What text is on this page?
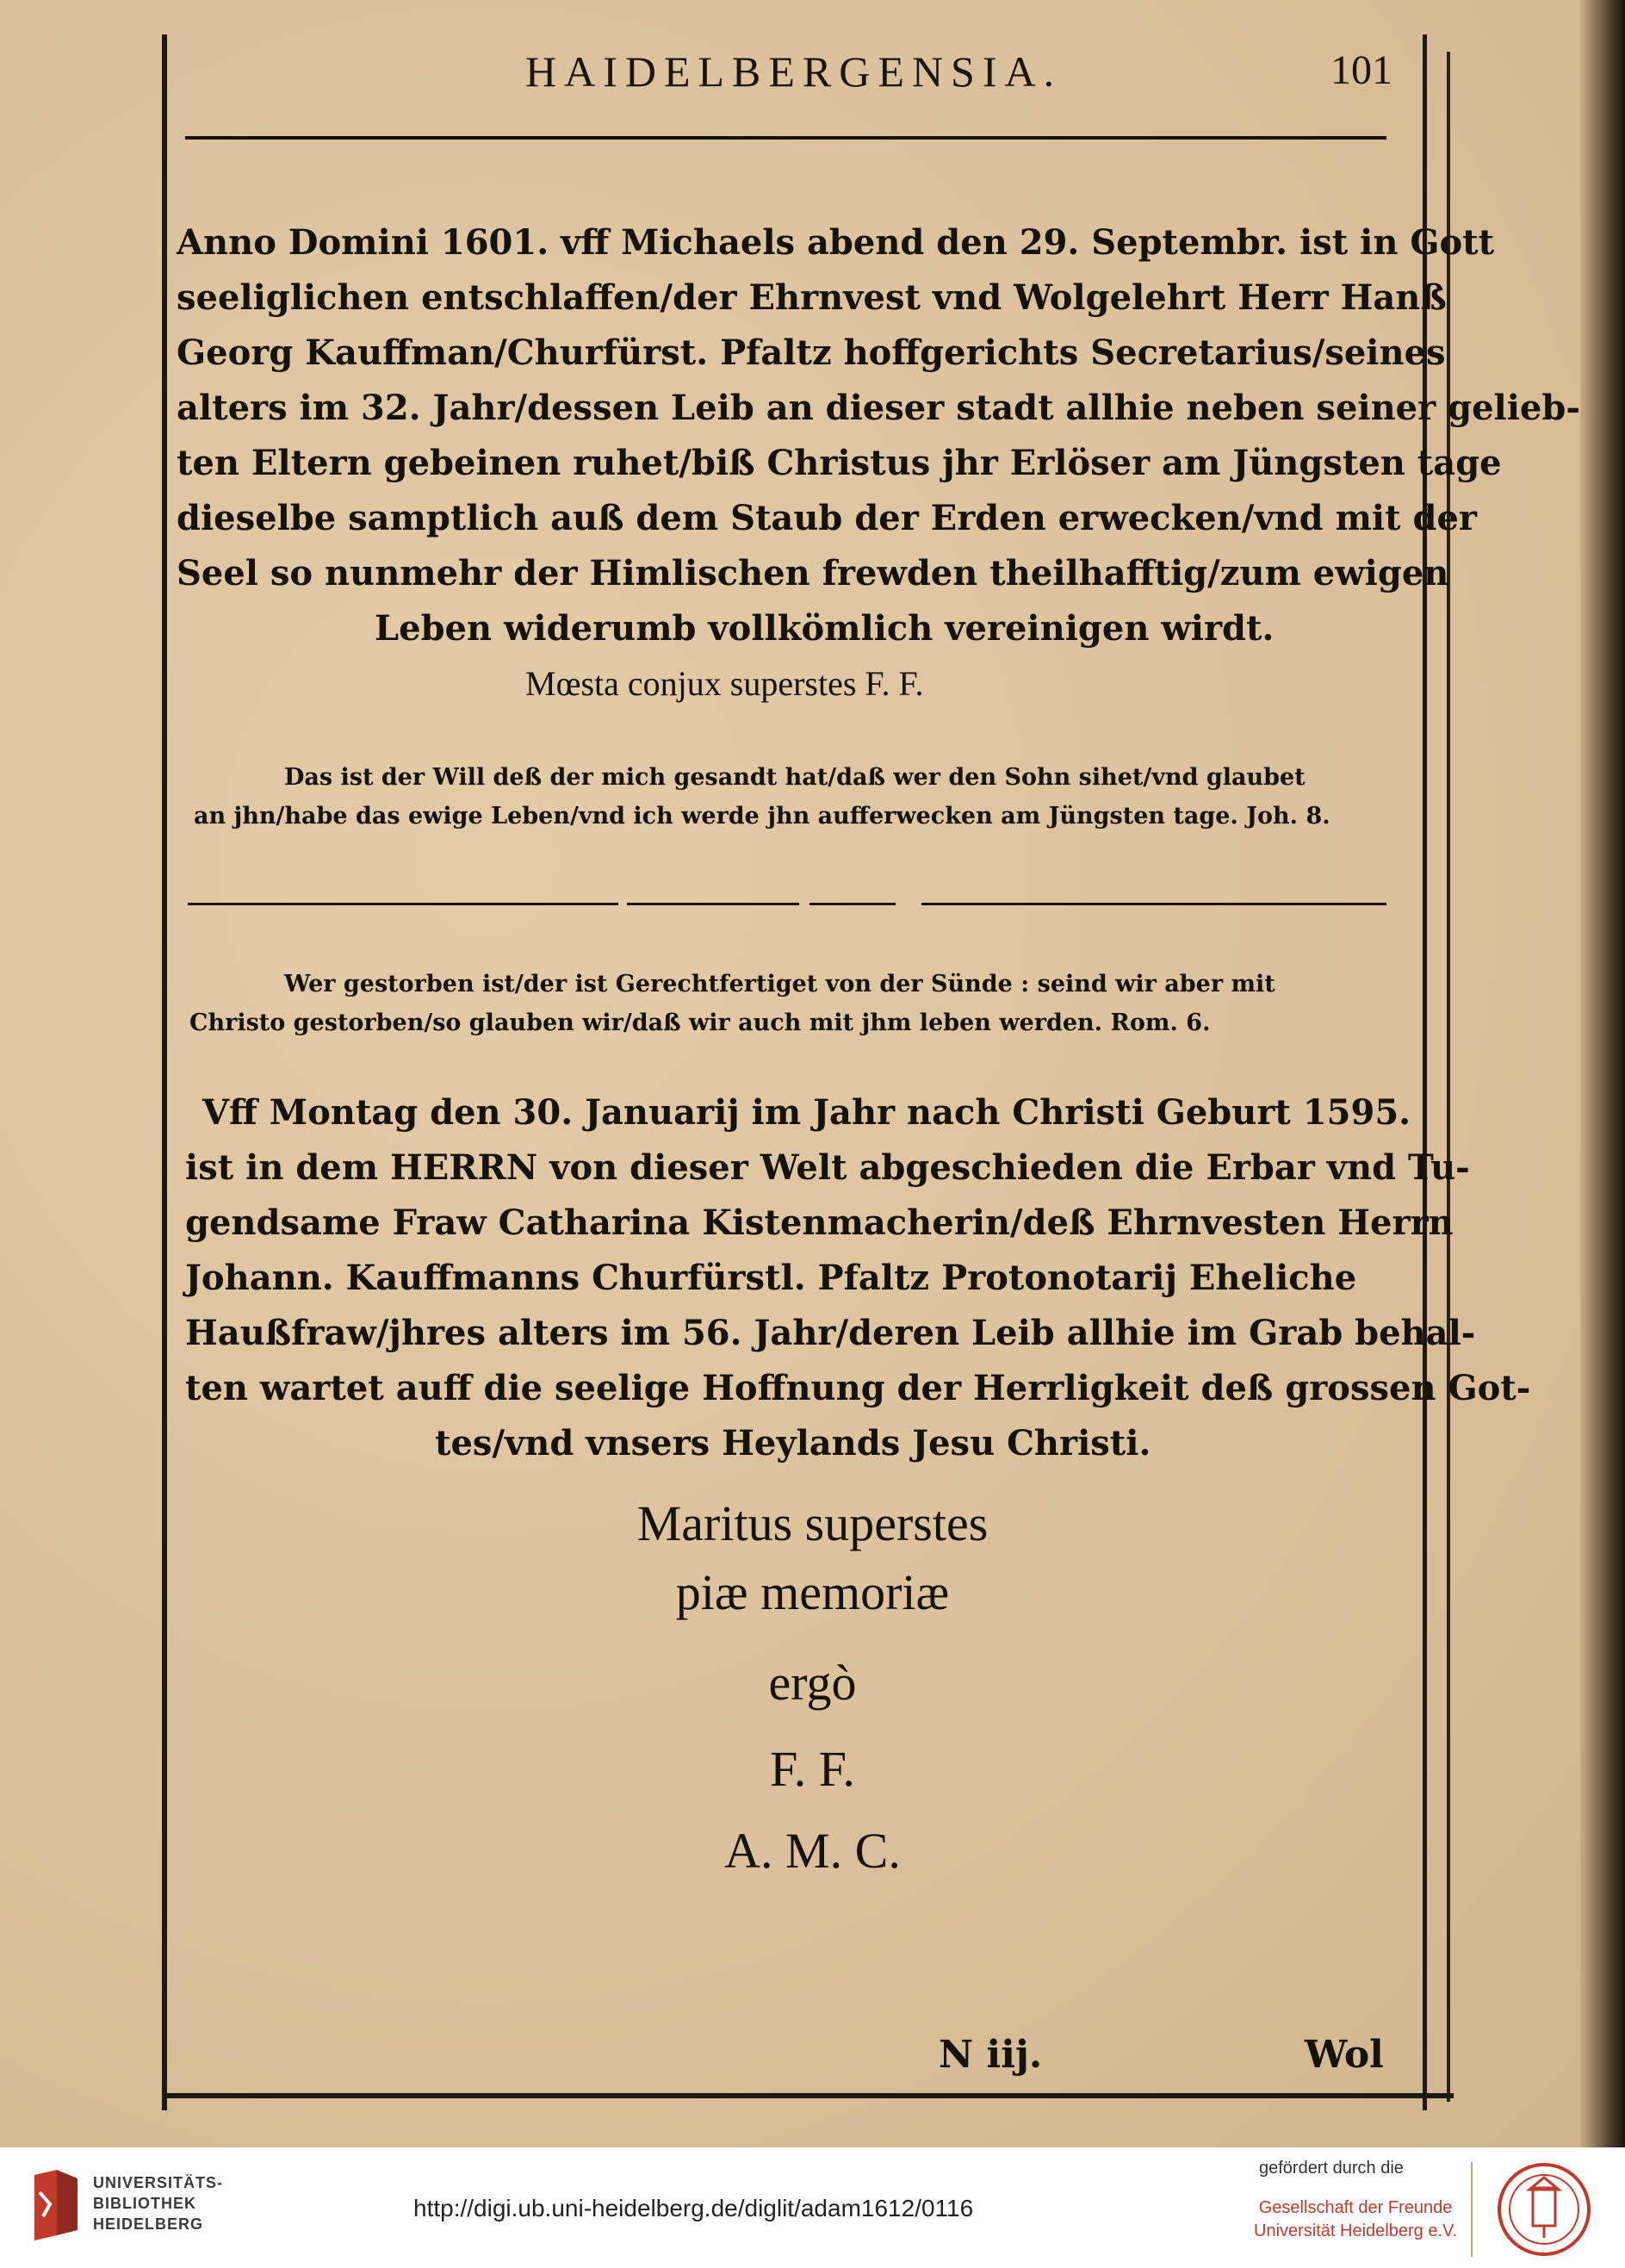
HAIDELBERGENSIA.	101
Anno Domini 1601. vff Michaels abend den 29. Septembr. ist in Gott
seeliglichen entschlaffen/der Ehrnvest vnd Wolgelehrt Herr Hanß
Georg Kauffman/Churfürst. Pfaltz hoffgerichts Secretarius/seines
alters im 32. Jahr/dessen Leib an dieser stadt allhie neben seiner gelieb-
ten Eltern gebeinen ruhet/biß Christus jhr Erlöser am Jüngsten tage
dieselbe samptlich auß dem Staub der Erden erwecken/vnd mit der
Seel so nunmehr der Himlischen frewden theilhafftig/zum ewigen
Leben widerumb vollkömlich vereinigen wirdt.
Mœsta conjux superstes F. F.
Das ist der Will deß der mich gesandt hat/daß wer den Sohn sihet/vnd glaubet
an jhn/habe das ewige Leben/vnd ich werde jhn aufferwecken am Jüngsten tage. Joh. 8.
Wer gestorben ist/der ist Gerechtfertiget von der Sünde : seind wir aber mit
Christo gestorben/so glauben wir/daß wir auch mit jhm leben werden. Rom. 6.
Vff Montag den 30. Januarij im Jahr nach Christi Geburt 1595.
ist in dem HERRN von dieser Welt abgeschieden die Erbar vnd Tu-
gendsame Fraw Catharina Kistenmacherin/deß Ehrnvesten Herrn
Johann. Kauffmanns Churfürstl. Pfaltz Protonotarij Eheliche
Haußfraw/jhres alters im 56. Jahr/deren Leib allhie im Grab behal-
ten wartet auff die seelige Hoffnung der Herrligkeit deß grossen Got-
tes/vnd vnsers Heylands Jesu Christi.
Maritus superstes
piæ memoriæ
ergò
F. F.
A. M. C.
N iij.	Wol
UNIVERSITÄTS-
BIBLIOTHEK
HEIDELBERG
http://digi.ub.uni-heidelberg.de/diglit/adam1612/0116
gefördert durch die
Gesellschaft der Freunde
Universität Heidelberg e.V.
